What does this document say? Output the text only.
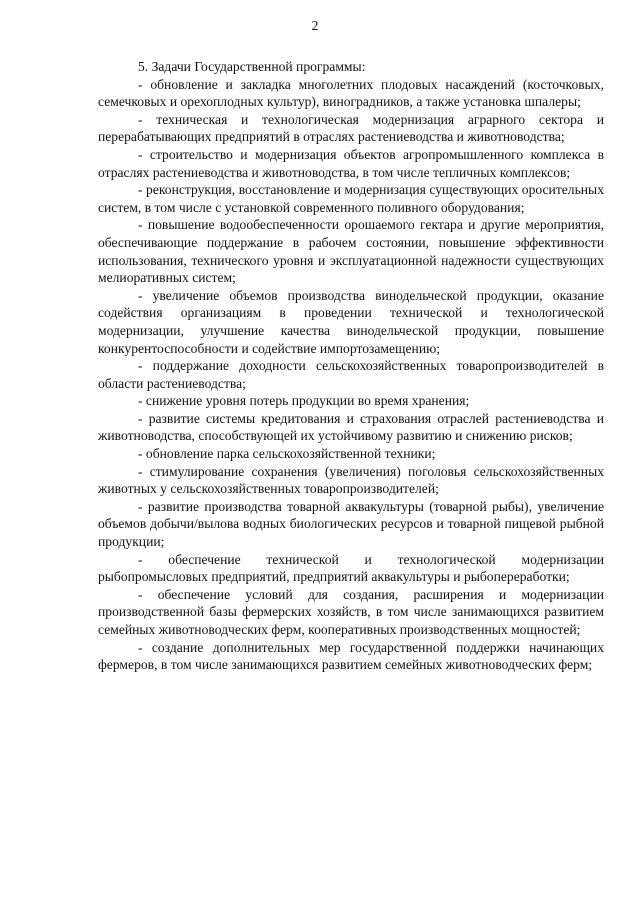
2

5. Задачи Государственной программы:

- обновление и закладка многолетних плодовых насаждений (косточковых, семечковых и орехоплодных культур), виноградников, а также установка шпалеры;

- техническая и технологическая модернизация аграрного сектора и перерабатывающих предприятий в отраслях растениеводства и животноводства;

- строительство и модернизация объектов агропромышленного комплекса в отраслях растениеводства и животноводства, в том числе тепличных комплексов;

- реконструкция, восстановление и модернизация существующих оросительных систем, в том числе с установкой современного поливного оборудования;

- повышение водообеспеченности орошаемого гектара и другие мероприятия, обеспечивающие поддержание в рабочем состоянии, повышение эффективности использования, технического уровня и эксплуатационной надежности существующих мелиоративных систем;

- увеличение объемов производства винодельческой продукции, оказание содействия организациям в проведении технической и технологической модернизации, улучшение качества винодельческой продукции, повышение конкурентоспособности и содействие импортозамещению;

- поддержание доходности сельскохозяйственных товаропроизводителей в области растениеводства;

- снижение уровня потерь продукции во время хранения;

- развитие системы кредитования и страхования отраслей растениеводства и животноводства, способствующей их устойчивому развитию и снижению рисков;

- обновление парка сельскохозяйственной техники;

- стимулирование сохранения (увеличения) поголовья сельскохозяйственных животных у сельскохозяйственных товаропроизводителей;

- развитие производства товарной аквакультуры (товарной рыбы), увеличение объемов добычи/вылова водных биологических ресурсов и товарной пищевой рыбной продукции;

- обеспечение технической и технологической модернизации рыбопромысловых предприятий, предприятий аквакультуры и рыбопереработки;

- обеспечение условий для создания, расширения и модернизации производственной базы фермерских хозяйств, в том числе занимающихся развитием семейных животноводческих ферм, кооперативных производственных мощностей;

- создание дополнительных мер государственной поддержки начинающих фермеров, в том числе занимающихся развитием семейных животноводческих ферм;
